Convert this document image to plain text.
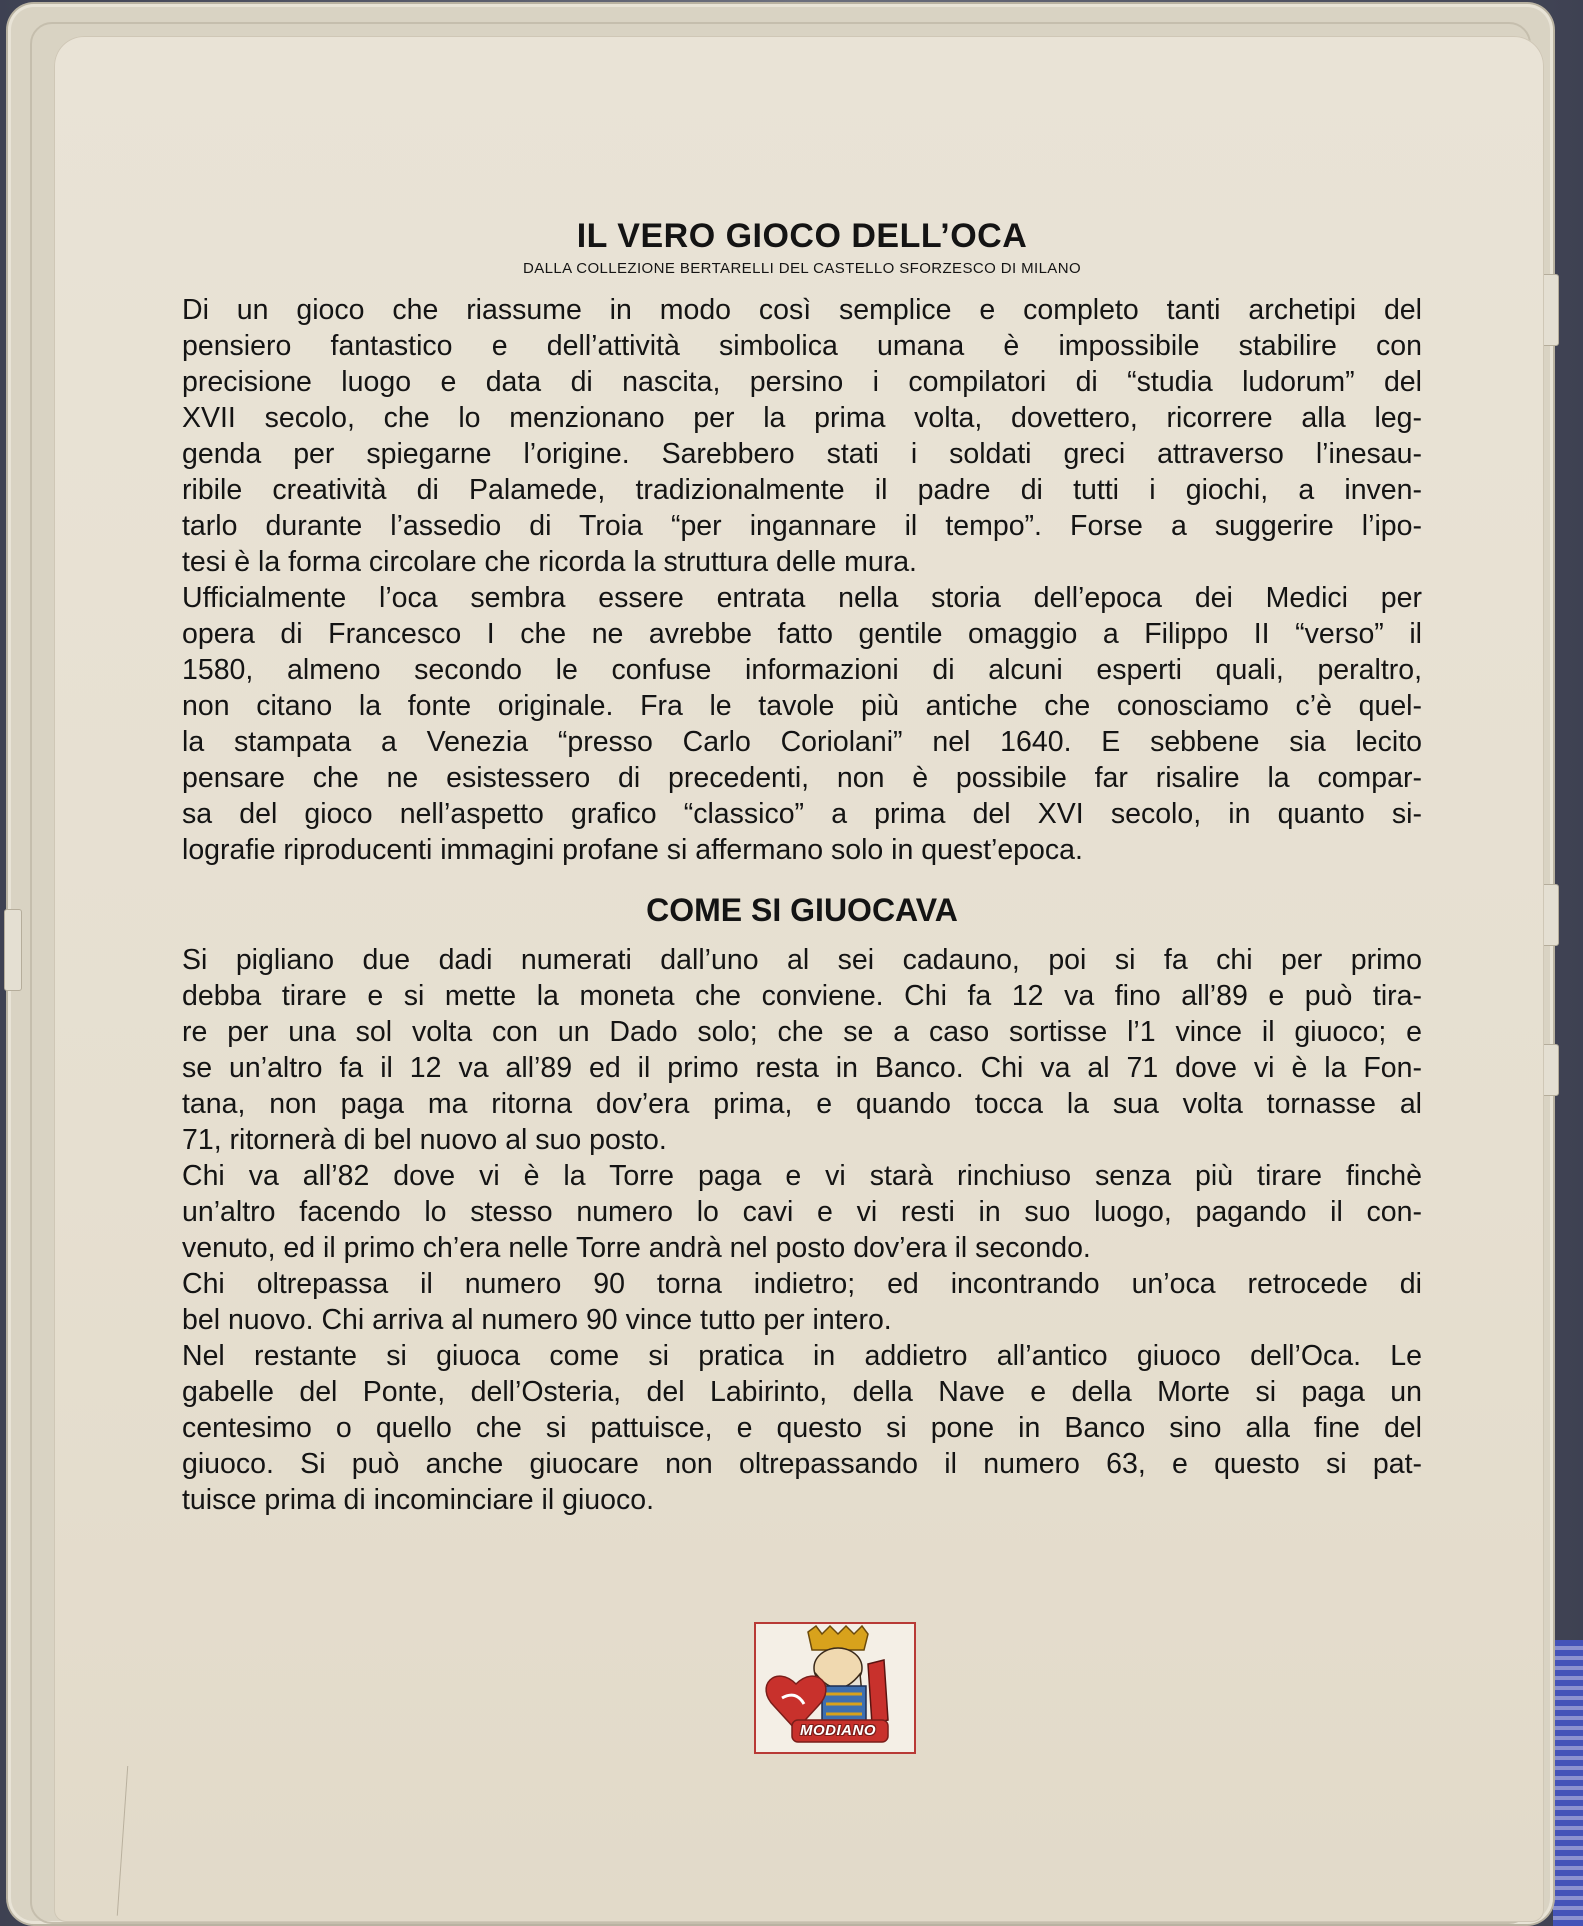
IL VERO GIOCO DELL’OCA
DALLA COLLEZIONE BERTARELLI DEL CASTELLO SFORZESCO DI MILANO
Di un gioco che riassume in modo così semplice e completo tanti archetipi del
pensiero fantastico e dell’attività simbolica umana è impossibile stabilire con
precisione luogo e data di nascita, persino i compilatori di “studia ludorum” del
XVII secolo, che lo menzionano per la prima volta, dovettero, ricorrere alla leg-
genda per spiegarne l’origine. Sarebbero stati i soldati greci attraverso l’inesau-
ribile creatività di Palamede, tradizionalmente il padre di tutti i giochi, a inven-
tarlo durante l’assedio di Troia “per ingannare il tempo”. Forse a suggerire l’ipo-
tesi è la forma circolare che ricorda la struttura delle mura.
Ufficialmente l’oca sembra essere entrata nella storia dell’epoca dei Medici per
opera di Francesco I che ne avrebbe fatto gentile omaggio a Filippo II “verso” il
1580, almeno secondo le confuse informazioni di alcuni esperti quali, peraltro,
non citano la fonte originale. Fra le tavole più antiche che conosciamo c’è quel-
la stampata a Venezia “presso Carlo Coriolani” nel 1640. E sebbene sia lecito
pensare che ne esistessero di precedenti, non è possibile far risalire la compar-
sa del gioco nell’aspetto grafico “classico” a prima del XVI secolo, in quanto si-
lografie riproducenti immagini profane si affermano solo in quest’epoca.
COME SI GIUOCAVA
Si pigliano due dadi numerati dall’uno al sei cadauno, poi si fa chi per primo
debba tirare e si mette la moneta che conviene. Chi fa 12 va fino all’89 e può tira-
re per una sol volta con un Dado solo; che se a caso sortisse l’1 vince il giuoco; e
se un’altro fa il 12 va all’89 ed il primo resta in Banco. Chi va al 71 dove vi è la Fon-
tana, non paga ma ritorna dov’era prima, e quando tocca la sua volta tornasse al
71, ritornerà di bel nuovo al suo posto.
Chi va all’82 dove vi è la Torre paga e vi starà rinchiuso senza più tirare finchè
un’altro facendo lo stesso numero lo cavi e vi resti in suo luogo, pagando il con-
venuto, ed il primo ch’era nelle Torre andrà nel posto dov’era il secondo.
Chi oltrepassa il numero 90 torna indietro; ed incontrando un’oca retrocede di
bel nuovo. Chi arriva al numero 90 vince tutto per intero.
Nel restante si giuoca come si pratica in addietro all’antico giuoco dell’Oca. Le
gabelle del Ponte, dell’Osteria, del Labirinto, della Nave e della Morte si paga un
centesimo o quello che si pattuisce, e questo si pone in Banco sino alla fine del
giuoco. Si può anche giuocare non oltrepassando il numero 63, e questo si pat-
tuisce prima di incominciare il giuoco.
MODIANO
